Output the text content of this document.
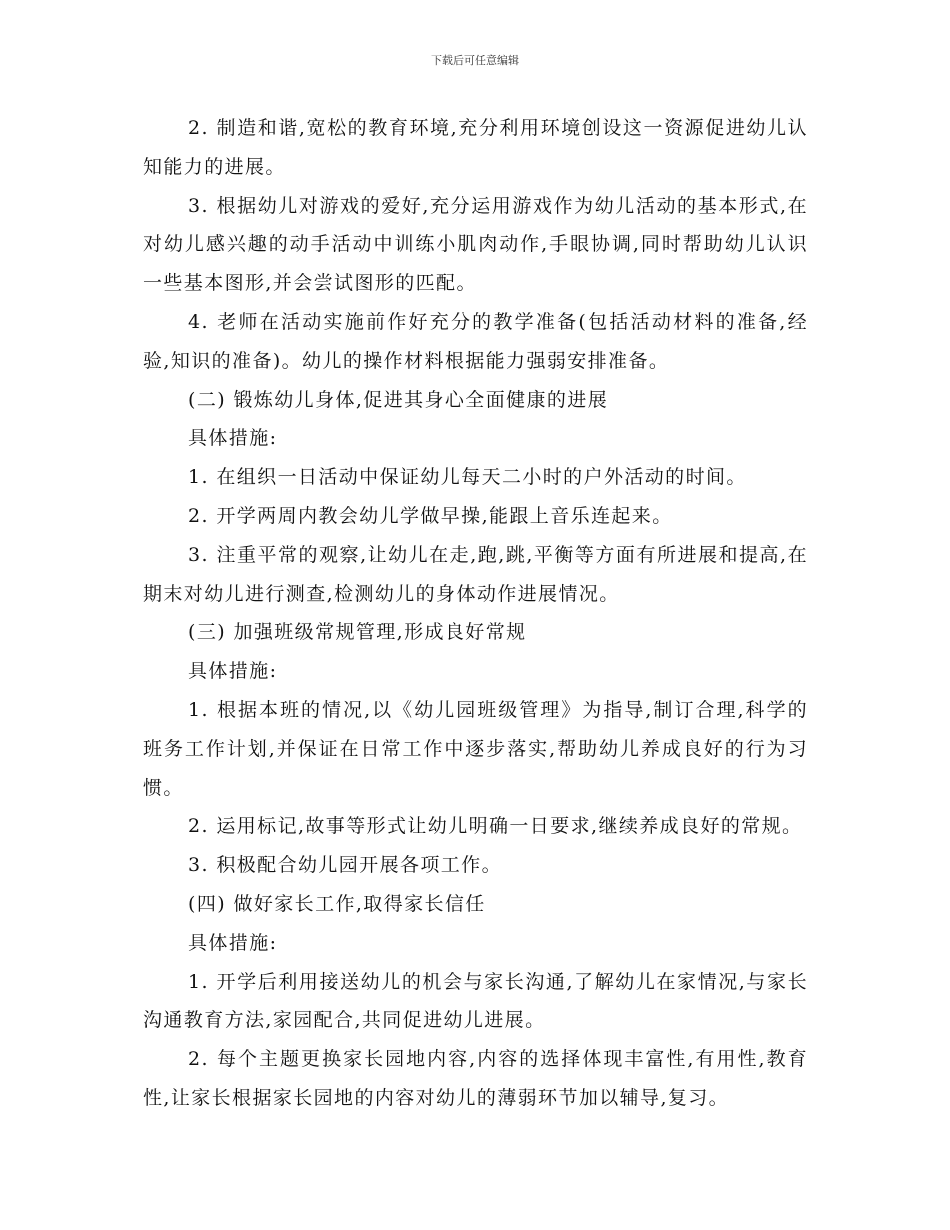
下载后可任意编辑

2. 制造和谐,宽松的教育环境,充分利用环境创设这一资源促进幼儿认知能力的进展。

3. 根据幼儿对游戏的爱好,充分运用游戏作为幼儿活动的基本形式,在对幼儿感兴趣的动手活动中训练小肌肉动作,手眼协调,同时帮助幼儿认识一些基本图形,并会尝试图形的匹配。

4. 老师在活动实施前作好充分的教学准备(包括活动材料的准备,经验,知识的准备)。幼儿的操作材料根据能力强弱安排准备。

(二) 锻炼幼儿身体,促进其身心全面健康的进展

具体措施:

1. 在组织一日活动中保证幼儿每天二小时的户外活动的时间。

2. 开学两周内教会幼儿学做早操,能跟上音乐连起来。

3. 注重平常的观察,让幼儿在走,跑,跳,平衡等方面有所进展和提高,在期末对幼儿进行测查,检测幼儿的身体动作进展情况。

(三) 加强班级常规管理,形成良好常规

具体措施:

1. 根据本班的情况,以《幼儿园班级管理》为指导,制订合理,科学的班务工作计划,并保证在日常工作中逐步落实,帮助幼儿养成良好的行为习惯。

2. 运用标记,故事等形式让幼儿明确一日要求,继续养成良好的常规。

3. 积极配合幼儿园开展各项工作。

(四) 做好家长工作,取得家长信任

具体措施:

1. 开学后利用接送幼儿的机会与家长沟通,了解幼儿在家情况,与家长沟通教育方法,家园配合,共同促进幼儿进展。

2. 每个主题更换家长园地内容,内容的选择体现丰富性,有用性,教育性,让家长根据家长园地的内容对幼儿的薄弱环节加以辅导,复习。
